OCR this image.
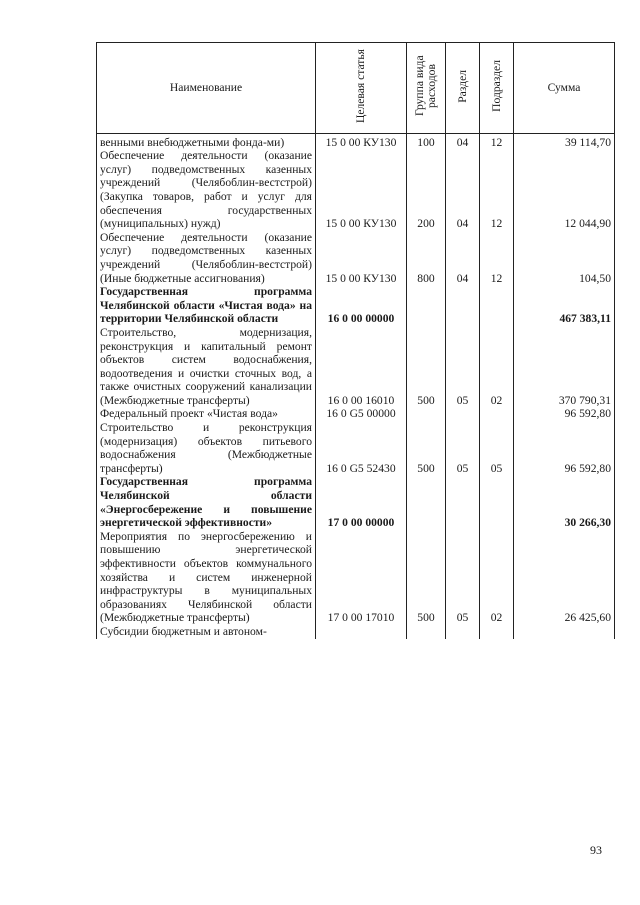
Наименование	Целевая статья	Группа вида расходов	Раздел	Подраздел	Сумма
венными внебюджетными фонда-ми)	15 0 00 КУ130	100	04	12	39 114,70
Обеспечение деятельности (оказание услуг) подведомственных казенных учреждений (Челябоблин-вестстрой) (Закупка товаров, работ и услуг для обеспечения государственных (муниципальных) нужд)	15 0 00 КУ130	200	04	12	12 044,90
Обеспечение деятельности (оказание услуг) подведомственных казенных учреждений (Челябоблин-вестстрой) (Иные бюджетные ассигнования)	15 0 00 КУ130	800	04	12	104,50
Государственная программа Челябинской области «Чистая вода» на территории Челябинской области	16 0 00 00000				467 383,11
Строительство, модернизация, реконструкция и капитальный ремонт объектов систем водоснабжения, водоотведения и очистки сточных вод, а также очистных сооружений канализации (Межбюджетные трансферты)	16 0 00 16010	500	05	02	370 790,31
Федеральный проект «Чистая вода»	16 0 G5 00000				96 592,80
Строительство и реконструкция (модернизация) объектов питьевого водоснабжения (Межбюджетные трансферты)	16 0 G5 52430	500	05	05	96 592,80
Государственная программа Челябинской области «Энергосбережение и повышение энергетической эффективности»	17 0 00 00000				30 266,30
Мероприятия по энергосбережению и повышению энергетической эффективности объектов коммунального хозяйства и систем инженерной инфраструктуры в муниципальных образованиях Челябинской области (Межбюджетные трансферты)	17 0 00 17010	500	05	02	26 425,60
Субсидии бюджетным и автоном-					
93
